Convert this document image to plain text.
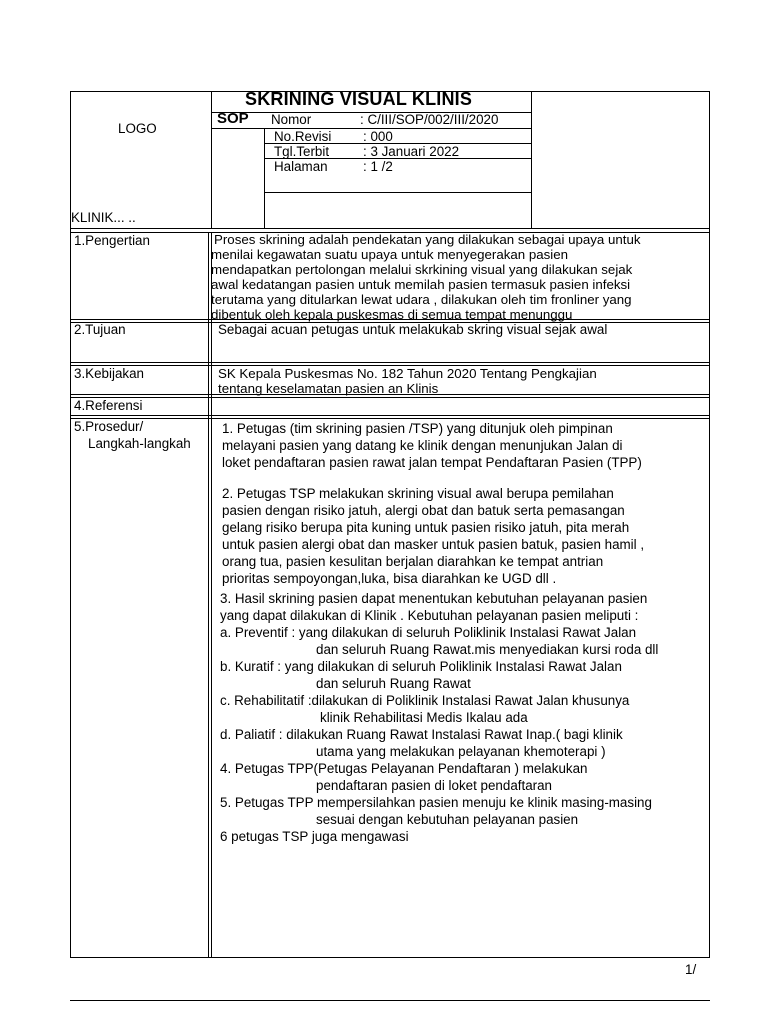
LOGO
KLINIK... ..
SKRINING VISUAL KLINIS
SOP Nomor	: C/III/SOP/002/III/2020
No.Revisi : 000
Tgl.Terbit	: 3 Januari 2022
Halaman	: 1 /2
1.Pengertian	Proses skrining adalah pendekatan yang dilakukan sebagai upaya untuk
menilai kegawatan suatu upaya untuk menyegerakan pasien
mendapatkan pertolongan melalui skrkining visual yang dilakukan sejak
awal kedatangan pasien untuk memilah pasien termasuk pasien infeksi
terutama yang ditularkan lewat udara , dilakukan oleh tim fronliner yang
dibentuk oleh kepala puskesmas di semua tempat menunggu
2.Tujuan	Sebagai acuan petugas untuk melakukab skring visual sejak awal
3.Kebijakan	SK Kepala Puskesmas No. 182 Tahun 2020 Tentang Pengkajian
tentang keselamatan pasien an Klinis
4.Referensi
5.Prosedur/
Langkah-langkah
1. Petugas (tim skrining pasien /TSP) yang ditunjuk oleh pimpinan
melayani pasien yang datang ke klinik dengan menunjukan Jalan di
loket pendaftaran pasien rawat jalan tempat Pendaftaran Pasien (TPP)
2. Petugas TSP melakukan skrining visual awal berupa pemilahan
pasien dengan risiko jatuh, alergi obat dan batuk serta pemasangan
gelang risiko berupa pita kuning untuk pasien risiko jatuh, pita merah
untuk pasien alergi obat dan masker untuk pasien batuk, pasien hamil ,
orang tua, pasien kesulitan berjalan diarahkan ke tempat antrian
prioritas sempoyongan,luka, bisa diarahkan ke UGD dll .
3. Hasil skrining pasien dapat menentukan kebutuhan pelayanan pasien
yang dapat dilakukan di Klinik . Kebutuhan pelayanan pasien meliputi :
a. Preventif : yang dilakukan di seluruh Poliklinik Instalasi Rawat Jalan
dan seluruh Ruang Rawat.mis menyediakan kursi roda dll
b. Kuratif : yang dilakukan di seluruh Poliklinik Instalasi Rawat Jalan
dan seluruh Ruang Rawat
c. Rehabilitatif :dilakukan di Poliklinik Instalasi Rawat Jalan khusunya
klinik Rehabilitasi Medis Ikalau ada
d. Paliatif : dilakukan Ruang Rawat Instalasi Rawat Inap.( bagi klinik
utama yang melakukan pelayanan khemoterapi )
4. Petugas TPP(Petugas Pelayanan Pendaftaran ) melakukan
pendaftaran pasien di loket pendaftaran
5. Petugas TPP mempersilahkan pasien menuju ke klinik masing-masing
sesuai dengan kebutuhan pelayanan pasien
6 petugas TSP juga mengawasi
1/
